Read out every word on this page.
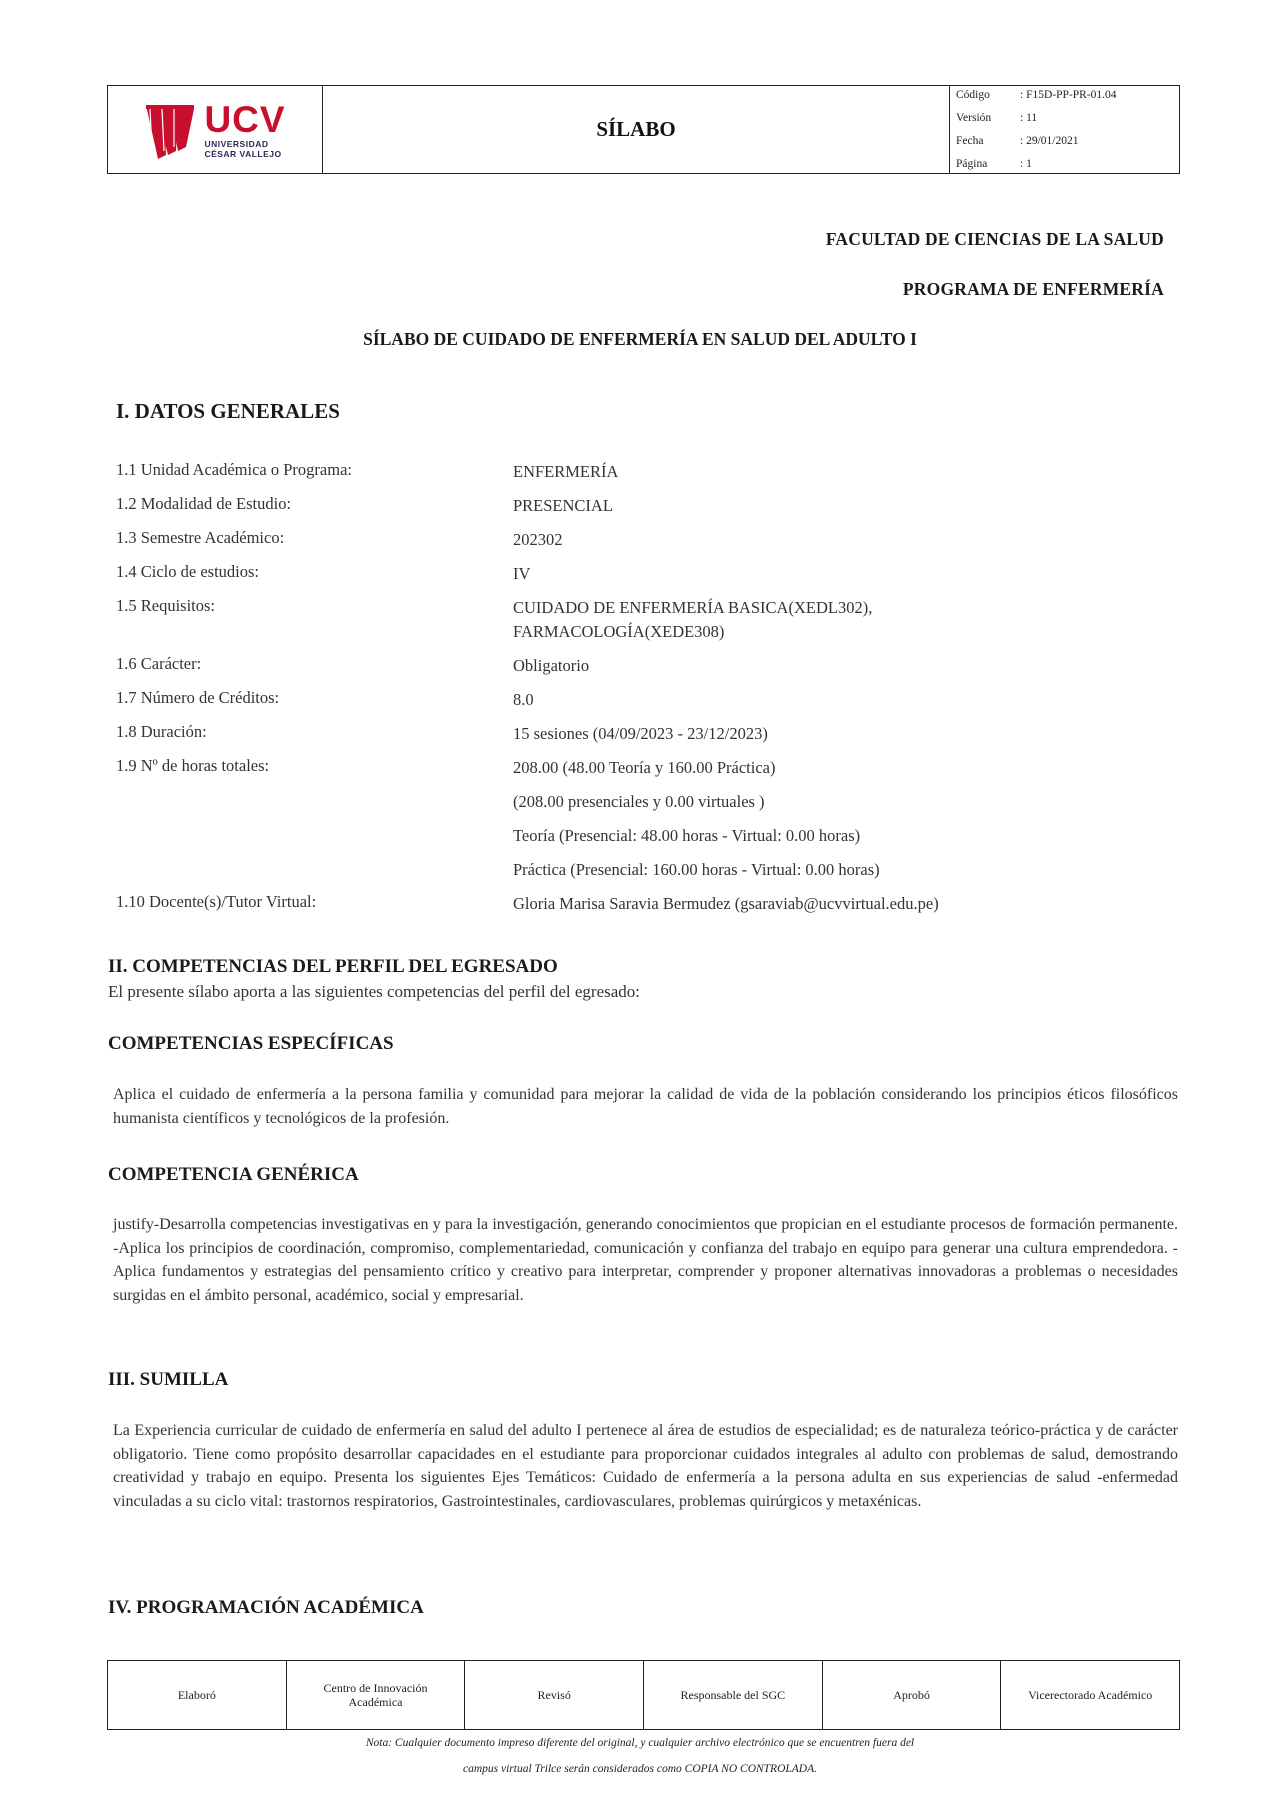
UCV
UNIVERSIDAD
CÉSAR VALLEJO
SÍLABO
Código	: F15D-PP-PR-01.04
Versión	: 11
Fecha	: 29/01/2021
Página	: 1
FACULTAD DE CIENCIAS DE LA SALUD
PROGRAMA DE ENFERMERÍA
SÍLABO DE CUIDADO DE ENFERMERÍA EN SALUD DEL ADULTO I
I. DATOS GENERALES
1.1 Unidad Académica o Programa:	ENFERMERÍA
1.2 Modalidad de Estudio:	PRESENCIAL
1.3 Semestre Académico:	202302
1.4 Ciclo de estudios:	IV
1.5 Requisitos:	CUIDADO DE ENFERMERÍA BASICA(XEDL302),
FARMACOLOGÍA(XEDE308)
1.6 Carácter:	Obligatorio
1.7 Número de Créditos:	8.0
1.8 Duración:	15 sesiones (04/09/2023 - 23/12/2023)
1.9 Nº de horas totales:	208.00 (48.00 Teoría y 160.00 Práctica)
(208.00 presenciales y 0.00 virtuales )
Teoría (Presencial: 48.00 horas - Virtual: 0.00 horas)
Práctica (Presencial: 160.00 horas - Virtual: 0.00 horas)
1.10 Docente(s)/Tutor Virtual:	Gloria Marisa Saravia Bermudez (gsaraviab@ucvvirtual.edu.pe)
II. COMPETENCIAS DEL PERFIL DEL EGRESADO
El presente sílabo aporta a las siguientes competencias del perfil del egresado:
COMPETENCIAS ESPECÍFICAS
Aplica el cuidado de enfermería a la persona familia y comunidad para mejorar la calidad de vida de la población considerando los principios éticos filosóficos humanista científicos y tecnológicos de la profesión.
COMPETENCIA GENÉRICA
justify-Desarrolla competencias investigativas en y para la investigación, generando conocimientos que propician en el estudiante procesos de formación permanente. -Aplica los principios de coordinación, compromiso, complementariedad, comunicación y confianza del trabajo en equipo para generar una cultura emprendedora. -Aplica fundamentos y estrategias del pensamiento crítico y creativo para interpretar, comprender y proponer alternativas innovadoras a problemas o necesidades surgidas en el ámbito personal, académico, social y empresarial.
III. SUMILLA
La Experiencia curricular de cuidado de enfermería en salud del adulto I pertenece al área de estudios de especialidad; es de naturaleza teórico-práctica y de carácter obligatorio. Tiene como propósito desarrollar capacidades en el estudiante para proporcionar cuidados integrales al adulto con problemas de salud, demostrando creatividad y trabajo en equipo. Presenta los siguientes Ejes Temáticos: Cuidado de enfermería a la persona adulta en sus experiencias de salud -enfermedad vinculadas a su ciclo vital: trastornos respiratorios, Gastrointestinales, cardiovasculares, problemas quirúrgicos y metaxénicas.
IV. PROGRAMACIÓN ACADÉMICA
Elaboró	Centro de Innovación Académica	Revisó	Responsable del SGC	Aprobó	Vicerectorado Académico
Nota: Cualquier documento impreso diferente del original, y cualquier archivo electrónico que se encuentren fuera del
campus virtual Trilce serán considerados como COPIA NO CONTROLADA.
